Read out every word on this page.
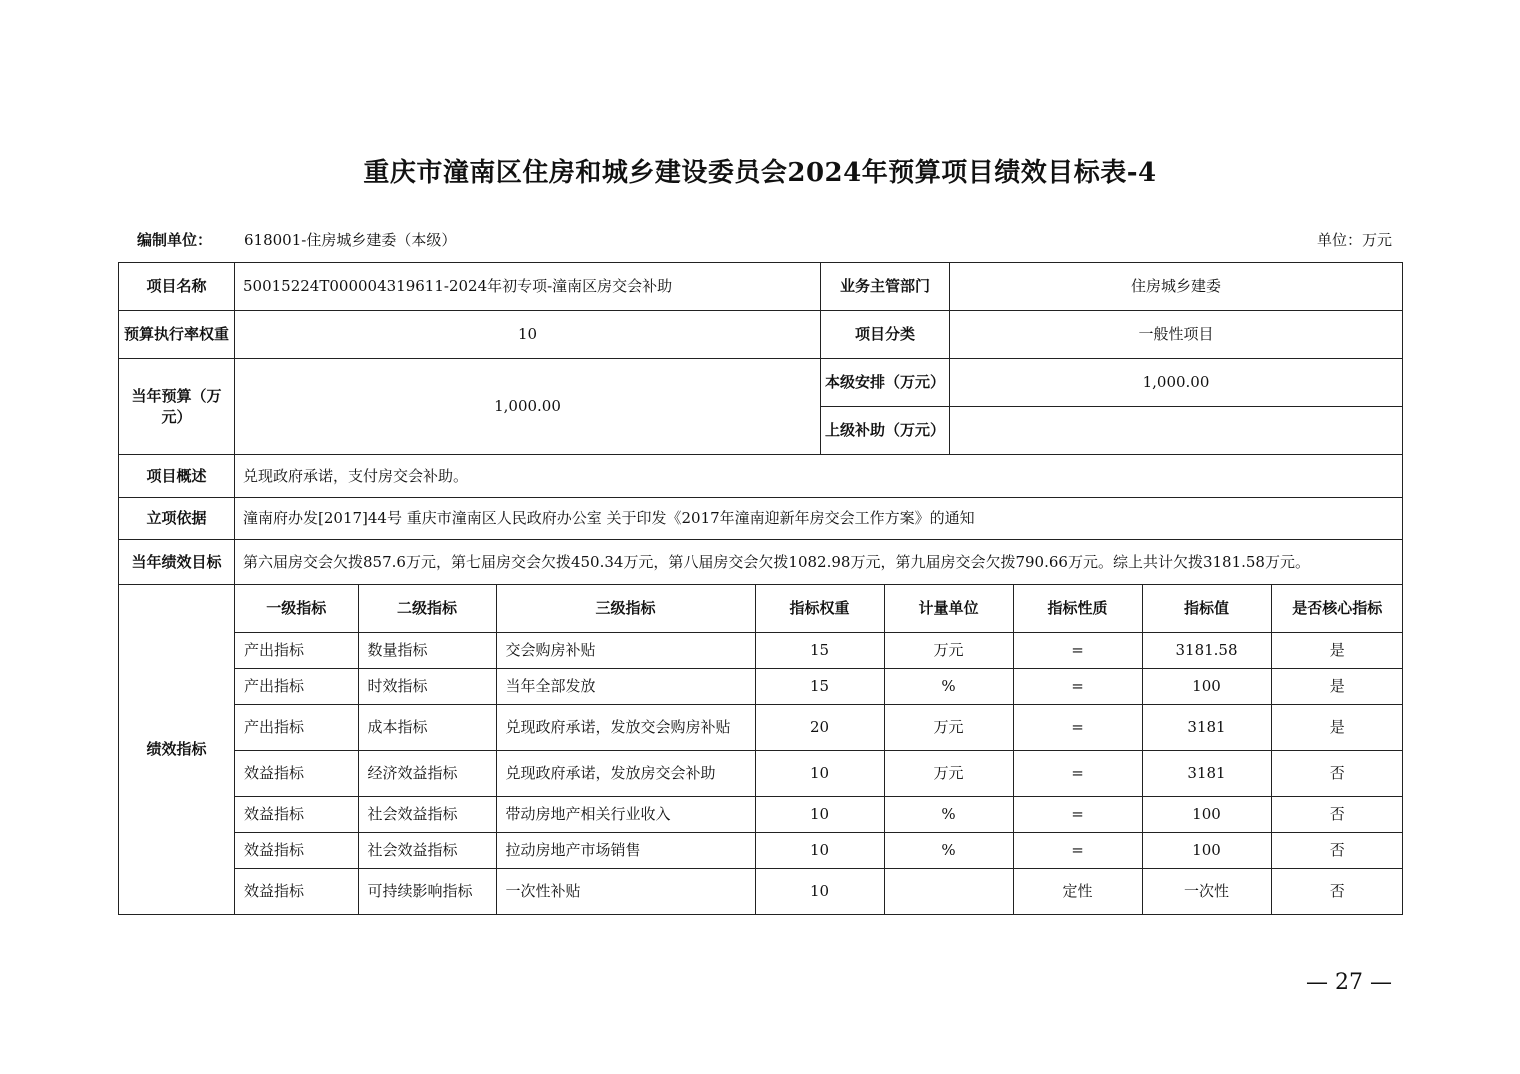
重庆市潼南区住房和城乡建设委员会2024年预算项目绩效目标表-4
编制单位： 618001-住房城乡建委（本级）	单位：万元
项目名称	50015224T000004319611-2024年初专项-潼南区房交会补助	业务主管部门	住房城乡建委
预算执行率权重	10	项目分类	一般性项目
当年预算（万元）	1,000.00	本级安排（万元）	1,000.00
上级补助（万元）	
项目概述	兑现政府承诺，支付房交会补助。
立项依据	潼南府办发[2017]44号 重庆市潼南区人民政府办公室 关于印发《2017年潼南迎新年房交会工作方案》的通知
当年绩效目标	第六届房交会欠拨857.6万元，第七届房交会欠拨450.34万元，第八届房交会欠拨1082.98万元，第九届房交会欠拨790.66万元。综上共计欠拨3181.58万元。
绩效指标	
一级指标	二级指标	三级指标	指标权重	计量单位	指标性质	指标值	是否核心指标
产出指标	数量指标	交会购房补贴	15	万元	=	3181.58	是
产出指标	时效指标	当年全部发放	15	%	=	100	是
产出指标	成本指标	兑现政府承诺，发放交会购房补贴	20	万元	=	3181	是
效益指标	经济效益指标	兑现政府承诺，发放房交会补助	10	万元	=	3181	否
效益指标	社会效益指标	带动房地产相关行业收入	10	%	=	100	否
效益指标	社会效益指标	拉动房地产市场销售	10	%	=	100	否
效益指标	可持续影响指标	一次性补贴	10		定性	一次性	否
— 27 —
